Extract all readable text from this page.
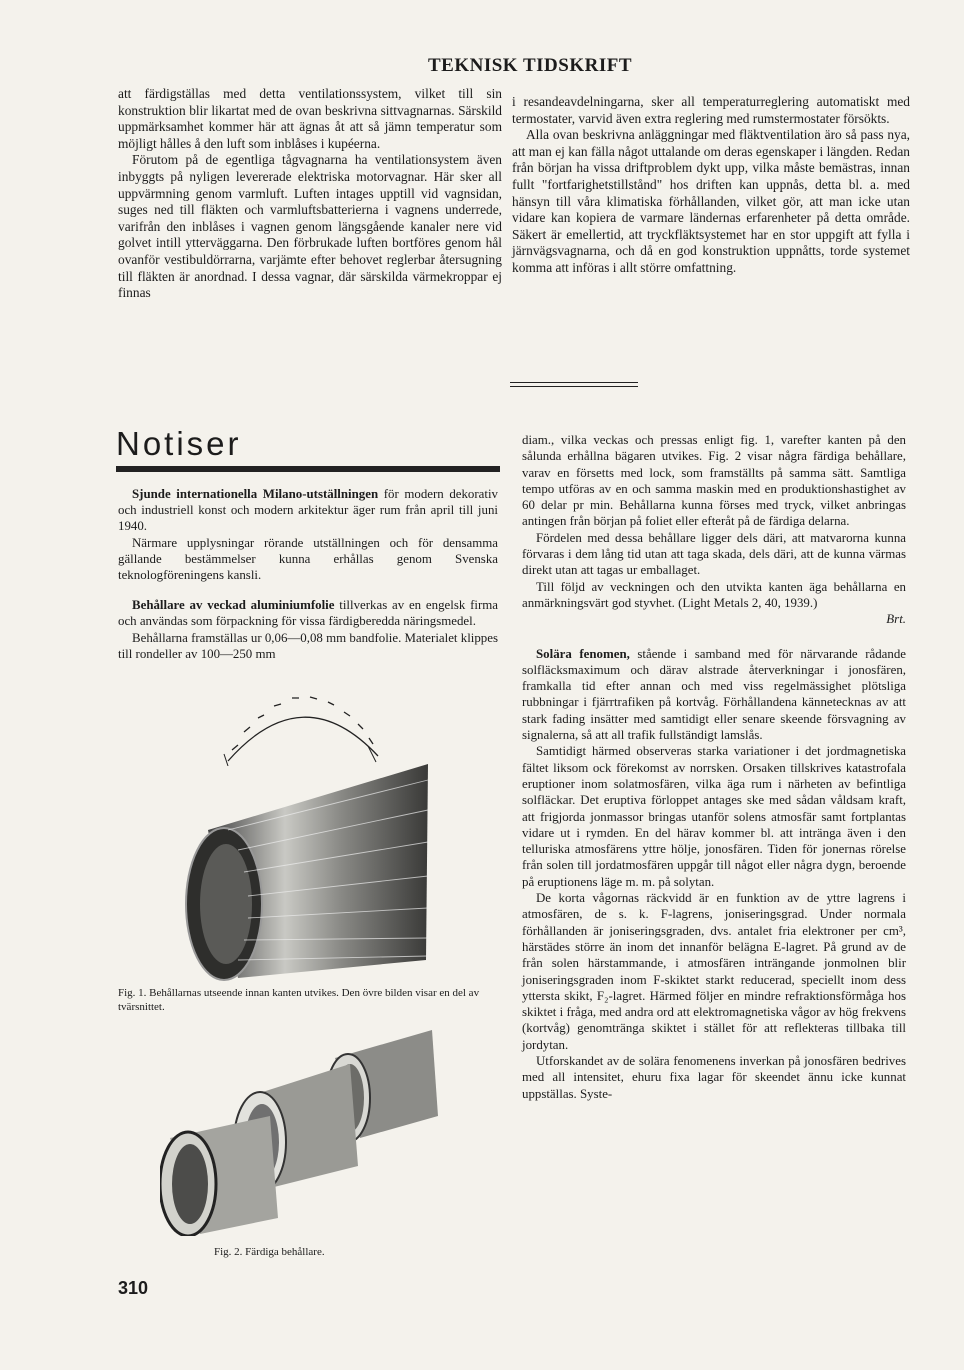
TEKNISK TIDSKRIFT

att färdigställas med detta ventilationssystem, vilket till sin konstruktion blir likartat med de ovan beskrivna sittvagnarnas. Särskild uppmärksamhet kommer här att ägnas åt att så jämn temperatur som möjligt hålles å den luft som inblåses i kupéerna.

Förutom på de egentliga tågvagnarna ha ventilationsystem även inbyggts på nyligen levererade elektriska motorvagnar. Här sker all uppvärmning genom varmluft. Luften intages upptill vid vagnsidan, suges ned till fläkten och varmluftsbatterierna i vagnens underrede, varifrån den inblåses i vagnen genom längsgående kanaler nere vid golvet intill ytterväggarna. Den förbrukade luften bortföres genom hål ovanför vestibuldörrarna, varjämte efter behovet reglerbar återsugning till fläkten är anordnad. I dessa vagnar, där särskilda värmekroppar ej finnas

i resandeavdelningarna, sker all temperaturreglering automatiskt med termostater, varvid även extra reglering med rumstermostater försökts.

Alla ovan beskrivna anläggningar med fläktventilation äro så pass nya, att man ej kan fälla något uttalande om deras egenskaper i längden. Redan från början ha vissa driftproblem dykt upp, vilka måste bemästras, innan fullt "fortfarighetstillstånd" hos driften kan uppnås, detta bl. a. med hänsyn till våra klimatiska förhållanden, vilket gör, att man icke utan vidare kan kopiera de varmare ländernas erfarenheter på detta område. Säkert är emellertid, att tryckfläktsystemet har en stor uppgift att fylla i järnvägsvagnarna, och då en god konstruktion uppnåtts, torde systemet komma att införas i allt större omfattning.

Notiser

Sjunde internationella Milano-utställningen för modern dekorativ och industriell konst och modern arkitektur äger rum från april till juni 1940.

Närmare upplysningar rörande utställningen och för densamma gällande bestämmelser kunna erhållas genom Svenska teknologföreningens kansli.

Behållare av veckad aluminiumfolie tillverkas av en engelsk firma och användas som förpackning för vissa färdigberedda näringsmedel.

Behållarna framställas ur 0,06—0,08 mm bandfolie. Materialet klippes till rondeller av 100—250 mm

Fig. 1. Behållarnas utseende innan kanten utvikes. Den övre bilden visar en del av tvärsnittet.
Fig. 2. Färdiga behållare.

diam., vilka veckas och pressas enligt fig. 1, varefter kanten på den sålunda erhållna bägaren utvikes. Fig. 2 visar några färdiga behållare, varav en försetts med lock, som framställts på samma sätt. Samtliga tempo utföras av en och samma maskin med en produktionshastighet av 60 delar pr min. Behållarna kunna förses med tryck, vilket anbringas antingen från början på foliet eller efteråt på de färdiga delarna.

Fördelen med dessa behållare ligger dels däri, att matvarorna kunna förvaras i dem lång tid utan att taga skada, dels däri, att de kunna värmas direkt utan att tagas ur emballaget.

Till följd av veckningen och den utvikta kanten äga behållarna en anmärkningsvärt god styvhet. (Light Metals 2, 40, 1939.)

Brt.

Solära fenomen, stående i samband med för närvarande rådande solfläcksmaximum och därav alstrade återverkningar i jonosfären, framkalla tid efter annan och med viss regelmässighet plötsliga rubbningar i fjärrtrafiken på kortvåg. Förhållandena kännetecknas av att stark fading insätter med samtidigt eller senare skeende försvagning av signalerna, så att all trafik fullständigt lamslås.

Samtidigt härmed observeras starka variationer i det jordmagnetiska fältet liksom ock förekomst av norrsken. Orsaken tillskrives katastrofala eruptioner inom solatmosfären, vilka äga rum i närheten av befintliga solfläckar. Det eruptiva förloppet antages ske med sådan våldsam kraft, att frigjorda jonmassor bringas utanför solens atmosfär samt fortplantas vidare ut i rymden. En del härav kommer bl. att intränga även i den telluriska atmosfärens yttre hölje, jonosfären. Tiden för jonernas rörelse från solen till jordatmosfären uppgår till något eller några dygn, beroende på eruptionens läge m. m. på solytan.

De korta vågornas räckvidd är en funktion av de yttre lagrens i atmosfären, de s. k. F-lagrens, joniseringsgrad. Under normala förhållanden är joniseringsgraden, dvs. antalet fria elektroner per cm³, härstädes större än inom det innanför belägna E-lagret. På grund av de från solen härstammande, i atmosfären inträngande jonmolnen blir joniseringsgraden inom F-skiktet starkt reducerad, speciellt inom dess yttersta skikt, F₂-lagret. Härmed följer en mindre refraktionsförmåga hos skiktet i fråga, med andra ord att elektromagnetiska vågor av hög frekvens (kortvåg) genomtränga skiktet i stället för att reflekteras tillbaka till jordytan.

Utforskandet av de solära fenomenens inverkan på jonosfären bedrives med all intensitet, ehuru fixa lagar för skeendet ännu icke kunnat uppställas. Syste-

310
